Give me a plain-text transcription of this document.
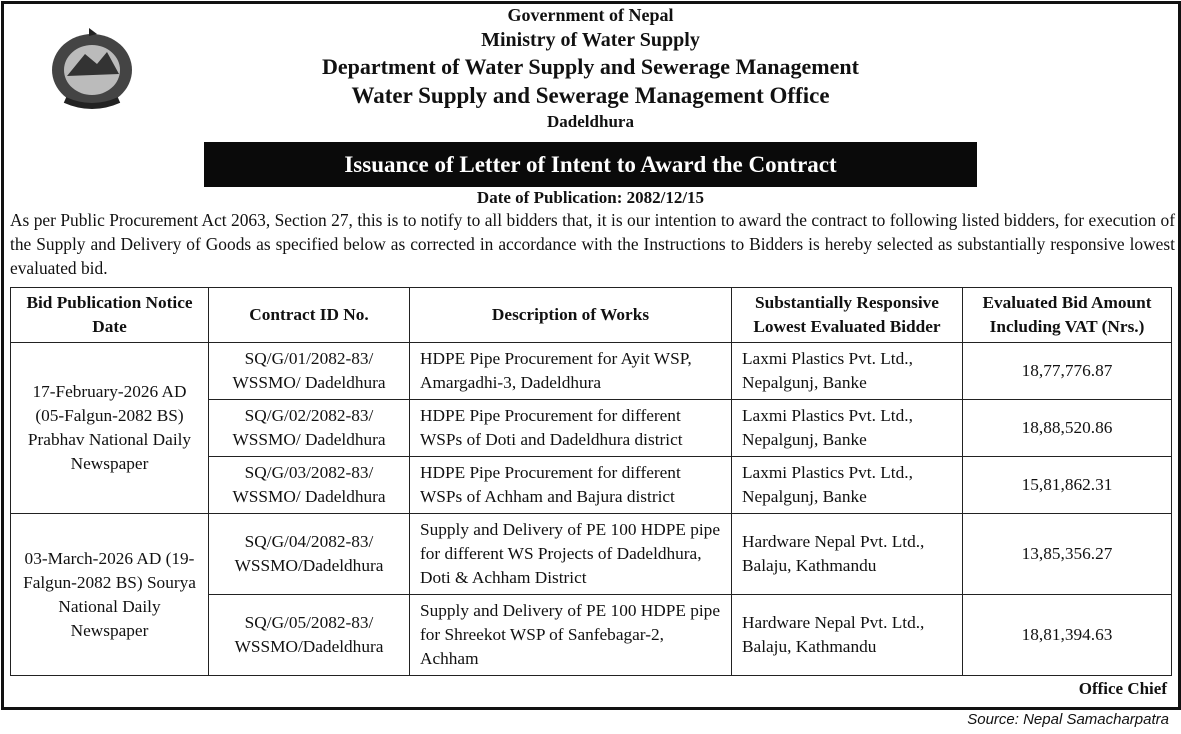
Government of Nepal
Ministry of Water Supply
Department of Water Supply and Sewerage Management
Water Supply and Sewerage Management Office
Dadeldhura
Issuance of Letter of Intent to Award the Contract
Date of Publication: 2082/12/15
As per Public Procurement Act 2063, Section 27, this is to notify to all bidders that, it is our intention to award the contract to following listed bidders, for execution of the Supply and Delivery of Goods as specified below as corrected in accordance with the Instructions to Bidders is hereby selected as substantially responsive lowest evaluated bid.
Bid Publication Notice Date	Contract ID No.	Description of Works	Substantially Responsive Lowest Evaluated Bidder	Evaluated Bid Amount Including VAT (Nrs.)
17-February-2026 AD (05-Falgun-2082 BS) Prabhav National Daily Newspaper	SQ/G/01/2082-83/ WSSMO/ Dadeldhura	HDPE Pipe Procurement for Ayit WSP, Amargadhi-3, Dadeldhura	Laxmi Plastics Pvt. Ltd., Nepalgunj, Banke	18,77,776.87
	SQ/G/02/2082-83/ WSSMO/ Dadeldhura	HDPE Pipe Procurement for different WSPs of Doti and Dadeldhura district	Laxmi Plastics Pvt. Ltd., Nepalgunj, Banke	18,88,520.86
	SQ/G/03/2082-83/ WSSMO/ Dadeldhura	HDPE Pipe Procurement for different WSPs of Achham and Bajura district	Laxmi Plastics Pvt. Ltd., Nepalgunj, Banke	15,81,862.31
03-March-2026 AD (19-Falgun-2082 BS) Sourya National Daily Newspaper	SQ/G/04/2082-83/ WSSMO/Dadeldhura	Supply and Delivery of PE 100 HDPE pipe for different WS Projects of Dadeldhura, Doti & Achham District	Hardware Nepal Pvt. Ltd., Balaju, Kathmandu	13,85,356.27
	SQ/G/05/2082-83/ WSSMO/Dadeldhura	Supply and Delivery of PE 100 HDPE pipe for Shreekot WSP of Sanfebagar-2, Achham	Hardware Nepal Pvt. Ltd., Balaju, Kathmandu	18,81,394.63
Office Chief
Source: Nepal Samacharpatra
